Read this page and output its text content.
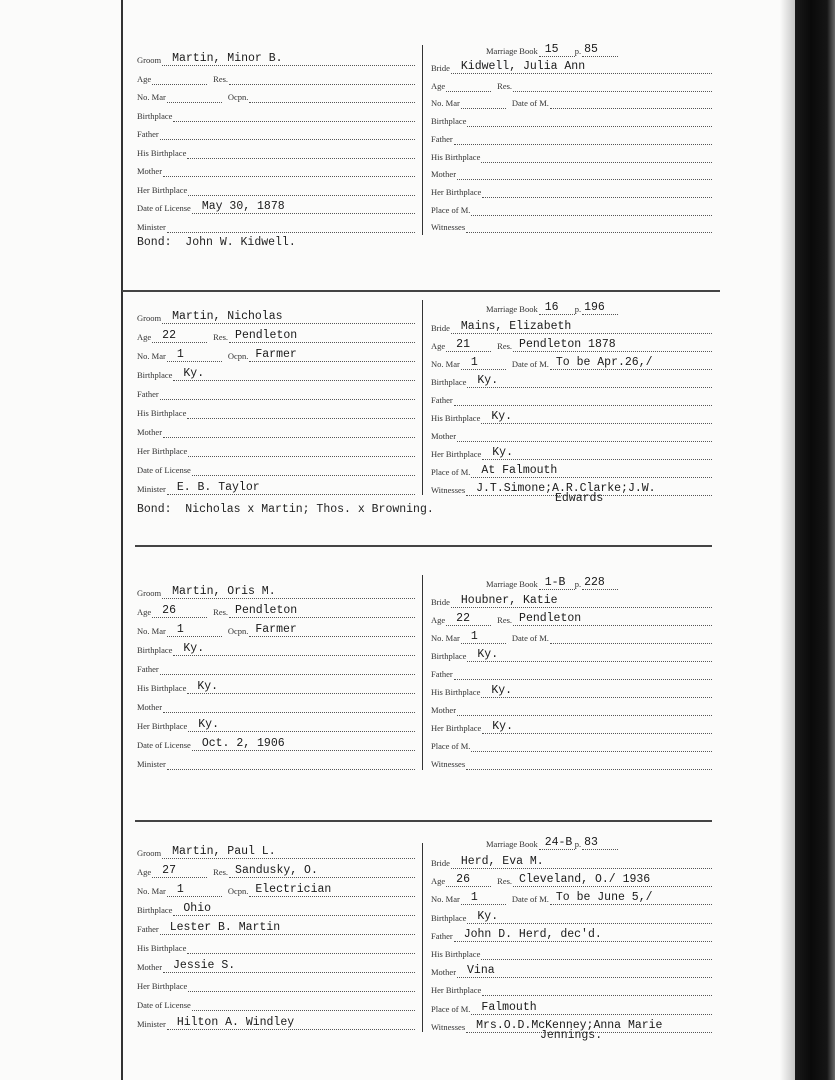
Groom Martin, Minor B.
Age	Res.
No. Mar	Ocpn.
Birthplace
Father
His Birthplace
Mother
Her Birthplace
Date of License May 30, 1878
Minister
Marriage Book 15 p. 85
Bride Kidwell, Julia Ann
Age	Res.
No. Mar	Date of M.
Birthplace
Father
His Birthplace
Mother
Her Birthplace
Place of M.
Witnesses
Bond:  John W. Kidwell.
Groom Martin, Nicholas
Age 22	Res. Pendleton
No. Mar 1	Ocpn. Farmer
Birthplace Ky.
Father
His Birthplace
Mother
Her Birthplace
Date of License
Minister E. B. Taylor
Marriage Book 16 p. 196
Bride Mains, Elizabeth
Age 21	Res. Pendleton 1878
No. Mar 1	Date of M. To be Apr.26,/
Birthplace Ky.
Father
His Birthplace Ky.
Mother
Her Birthplace Ky.
Place of M. At Falmouth
Witnesses J.T.Simone;A.R.Clarke;J.W.
Bond:  Nicholas x Martin; Thos. x Browning.
Edwards
Groom Martin, Oris M.
Age 26	Res. Pendleton
No. Mar 1	Ocpn. Farmer
Birthplace Ky.
Father
His Birthplace Ky.
Mother
Her Birthplace Ky.
Date of License Oct. 2, 1906
Minister
Marriage Book 1-B p. 228
Bride Houbner, Katie
Age 22	Res. Pendleton
No. Mar 1	Date of M.
Birthplace Ky.
Father
His Birthplace Ky.
Mother
Her Birthplace Ky.
Place of M.
Witnesses
Groom Martin, Paul L.
Age 27	Res. Sandusky, O.
No. Mar 1	Ocpn. Electrician
Birthplace Ohio
Father Lester B. Martin
His Birthplace
Mother Jessie S.
Her Birthplace
Date of License
Minister Hilton A. Windley
Marriage Book 24-B p. 83
Bride Herd, Eva M.
Age 26	Res. Cleveland, O./ 1936
No. Mar 1	Date of M. To be June 5,/
Birthplace Ky.
Father John D. Herd, dec'd.
His Birthplace
Mother Vina
Her Birthplace
Place of M. Falmouth
Witnesses Mrs.O.D.McKenney;Anna Marie
Jennings.
